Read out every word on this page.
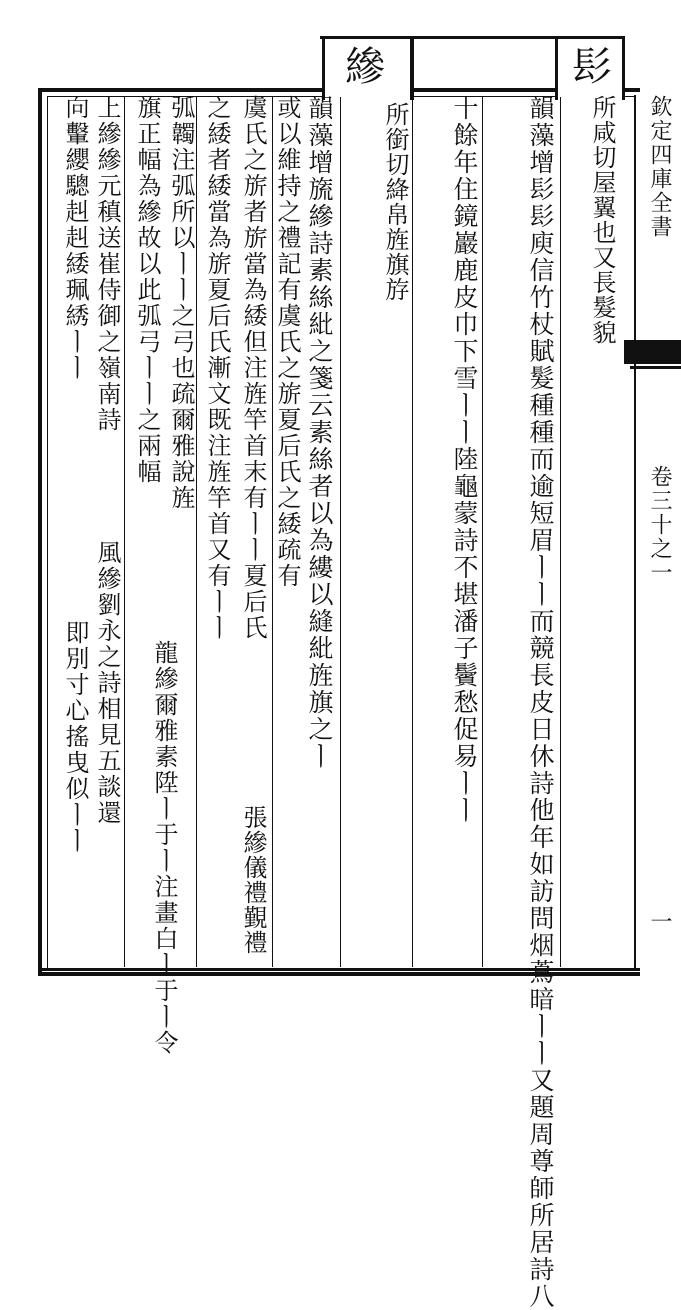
髟
縿
所咸切屋翼也又長髮貌
韻藻增髟髟庾信竹杖賦髮種種而逾短眉ㅣㅣ而競長皮日休詩他年如訪問烟蔦暗ㅣㅣ又題周尊師所居詩八
十餘年住鏡巖鹿皮巾下雪ㅣㅣ陸龜蒙詩不堪潘子鬢愁促易ㅣㅣ
所銜切絳帛旌旗斿
韻藻增旒縿詩素絲紕之箋云素絲者以為縷以縫紕旌旗之ㅣ
或以維持之禮記有虞氏之旂夏后氏之緌疏有
虞氏之旂者旂當為緌但注旌竿首末有ㅣㅣ夏后氏
之緌者緌當為旂夏后氏漸文既注旌竿首又有ㅣㅣ
張縿儀禮覲禮
弧韣注弧所以ㅣㅣ之弓也疏爾雅說旌
旗正幅為縿故以此弧弓ㅣㅣ之兩幅
龍縿爾雅素陞ㅣ于ㅣ注畫白ㅣ于ㅣ令
上縿縿元稹送崔侍御之嶺南詩
風縿劉永之詩相見五談還
向轚纓驄赳赳緌珮綉ㅣㅣ
即別寸心搖曳似ㅣㅣ
欽定四庫全書
卷三十之一
一
